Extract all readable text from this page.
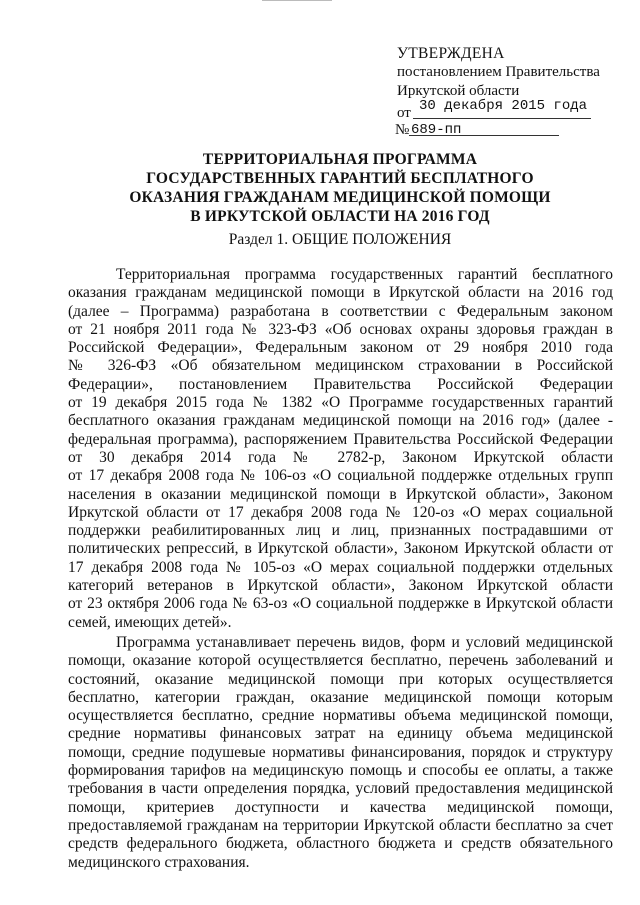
УТВЕРЖДЕНА
постановлением Правительства
Иркутской области
от 30 декабря 2015 года
№ 689-пп
ТЕРРИТОРИАЛЬНАЯ ПРОГРАММА
ГОСУДАРСТВЕННЫХ ГАРАНТИЙ БЕСПЛАТНОГО
ОКАЗАНИЯ ГРАЖДАНАМ МЕДИЦИНСКОЙ ПОМОЩИ
В ИРКУТСКОЙ ОБЛАСТИ НА 2016 ГОД
Раздел 1. ОБЩИЕ ПОЛОЖЕНИЯ
Территориальная программа государственных гарантий бесплатного
оказания гражданам медицинской помощи в Иркутской области на 2016 год
(далее – Программа) разработана в соответствии с Федеральным законом
от 21 ноября 2011 года № 323-ФЗ «Об основах охраны здоровья граждан в
Российской Федерации», Федеральным законом от 29 ноября 2010 года
№ 326-ФЗ «Об обязательном медицинском страховании в Российской
Федерации», постановлением Правительства Российской Федерации
от 19 декабря 2015 года № 1382 «О Программе государственных гарантий
бесплатного оказания гражданам медицинской помощи на 2016 год» (далее -
федеральная программа), распоряжением Правительства Российской Федерации
от 30 декабря 2014 года № 2782-р, Законом Иркутской области
от 17 декабря 2008 года № 106-оз «О социальной поддержке отдельных групп
населения в оказании медицинской помощи в Иркутской области», Законом
Иркутской области от 17 декабря 2008 года № 120-оз «О мерах социальной
поддержки реабилитированных лиц и лиц, признанных пострадавшими от
политических репрессий, в Иркутской области», Законом Иркутской области от
17 декабря 2008 года № 105-оз «О мерах социальной поддержки отдельных
категорий ветеранов в Иркутской области», Законом Иркутской области
от 23 октября 2006 года № 63-оз «О социальной поддержке в Иркутской области
семей, имеющих детей».
Программа устанавливает перечень видов, форм и условий медицинской
помощи, оказание которой осуществляется бесплатно, перечень заболеваний и
состояний, оказание медицинской помощи при которых осуществляется
бесплатно, категории граждан, оказание медицинской помощи которым
осуществляется бесплатно, средние нормативы объема медицинской помощи,
средние нормативы финансовых затрат на единицу объема медицинской
помощи, средние подушевые нормативы финансирования, порядок и структуру
формирования тарифов на медицинскую помощь и способы ее оплаты, а также
требования в части определения порядка, условий предоставления медицинской
помощи, критериев доступности и качества медицинской помощи,
предоставляемой гражданам на территории Иркутской области бесплатно за счет
средств федерального бюджета, областного бюджета и средств обязательного
медицинского страхования.
